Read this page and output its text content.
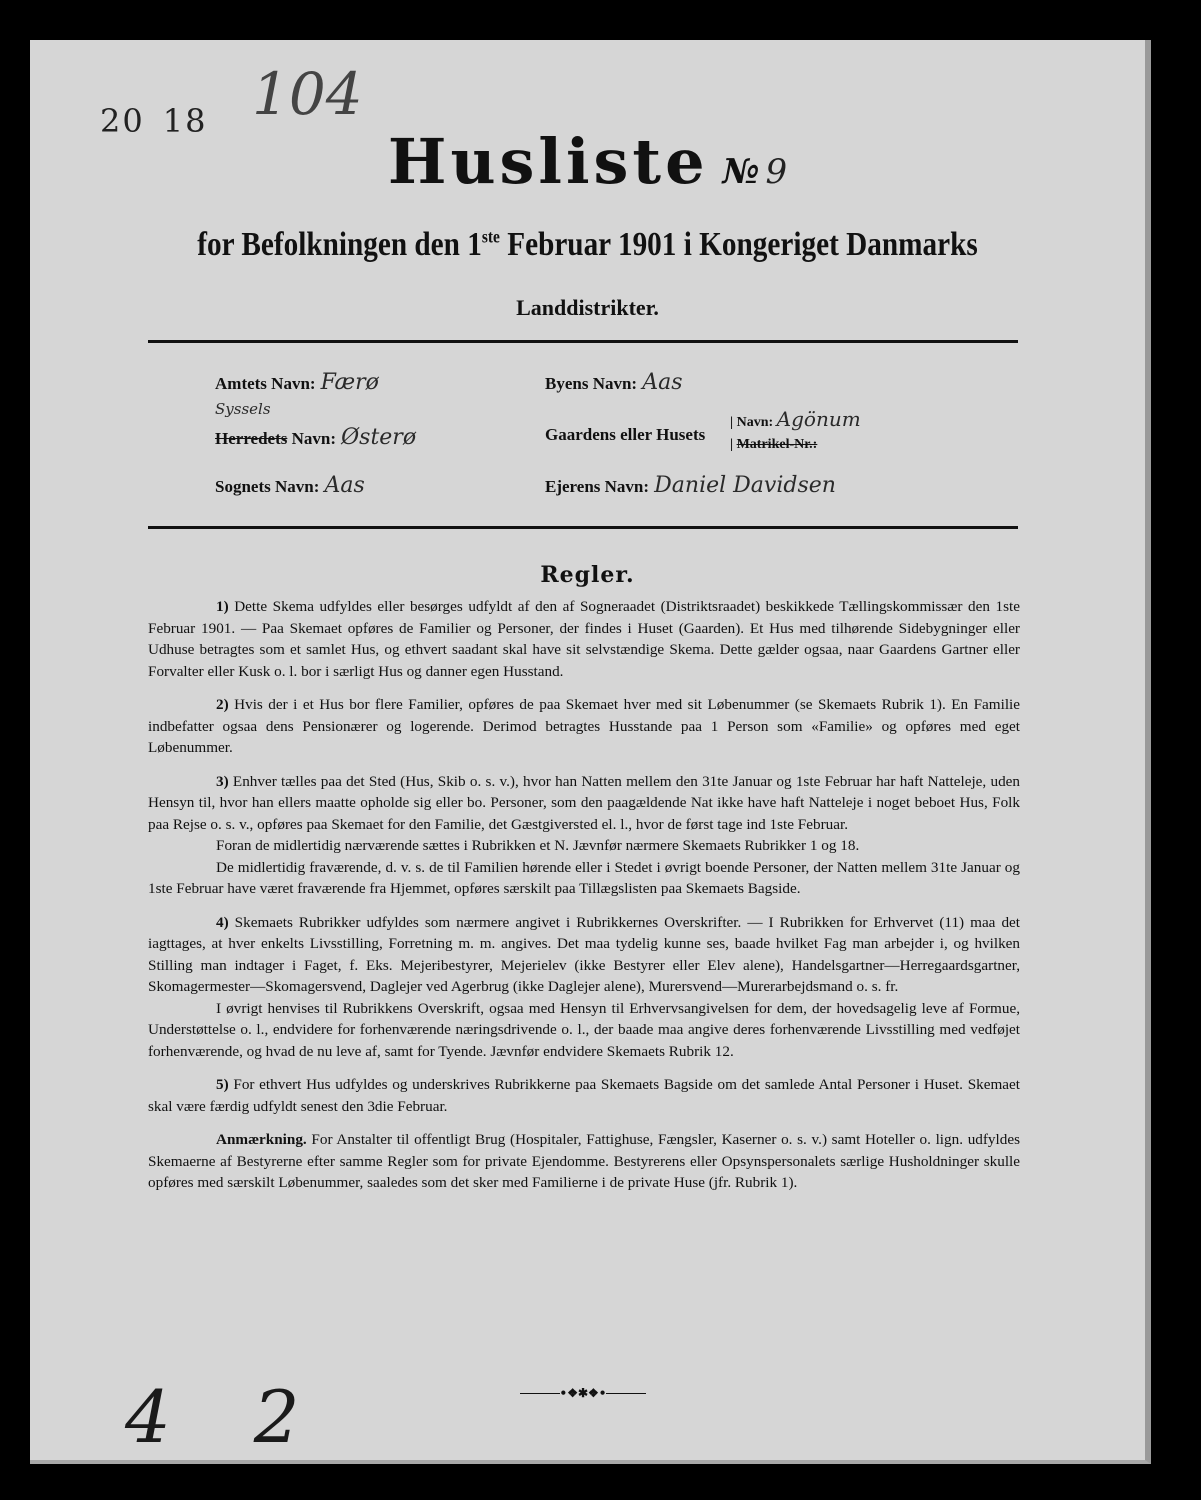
20 18 104
Husliste № 9
for Befolkningen den 1ste Februar 1901 i Kongeriget Danmarks
Landdistrikter.
Amtets Navn: Færø
Syssels
Herredets Navn: Østerø
Sognets Navn: Aas
Byens Navn: Aas
Gaardens eller Husets
| Navn: Agönum
| Matrikel-Nr.:
Ejerens Navn: Daniel Davidsen
Regler.

1) Dette Skema udfyldes eller besørges udfyldt af den af Sogneraadet (Distriktsraadet) beskikkede Tællingskommissær den 1ste Februar 1901. — Paa Skemaet opføres de Familier og Personer, der findes i Huset (Gaarden). Et Hus med tilhørende Sidebygninger eller Udhuse betragtes som et samlet Hus, og ethvert saadant skal have sit selvstændige Skema. Dette gælder ogsaa, naar Gaardens Gartner eller Forvalter eller Kusk o. l. bor i særligt Hus og danner egen Husstand.

2) Hvis der i et Hus bor flere Familier, opføres de paa Skemaet hver med sit Løbenummer (se Skemaets Rubrik 1). En Familie indbefatter ogsaa dens Pensionærer og logerende. Derimod betragtes Husstande paa 1 Person som «Familie» og opføres med eget Løbenummer.

3) Enhver tælles paa det Sted (Hus, Skib o. s. v.), hvor han Natten mellem den 31te Januar og 1ste Februar har haft Natteleje, uden Hensyn til, hvor han ellers maatte opholde sig eller bo. Personer, som den paagældende Nat ikke have haft Natteleje i noget beboet Hus, Folk paa Rejse o. s. v., opføres paa Skemaet for den Familie, det Gæstgiversted el. l., hvor de først tage ind 1ste Februar.

Foran de midlertidig nærværende sættes i Rubrikken et N. Jævnfør nærmere Skemaets Rubrikker 1 og 18.

De midlertidig fraværende, d. v. s. de til Familien hørende eller i Stedet i øvrigt boende Personer, der Natten mellem 31te Januar og 1ste Februar have været fraværende fra Hjemmet, opføres særskilt paa Tillægslisten paa Skemaets Bagside.

4) Skemaets Rubrikker udfyldes som nærmere angivet i Rubrikkernes Overskrifter. — I Rubrikken for Erhvervet (11) maa det iagttages, at hver enkelts Livsstilling, Forretning m. m. angives. Det maa tydelig kunne ses, baade hvilket Fag man arbejder i, og hvilken Stilling man indtager i Faget, f. Eks. Mejeribestyrer, Mejerielev (ikke Bestyrer eller Elev alene), Handelsgartner—Herregaardsgartner, Skomagermester—Skomagersvend, Daglejer ved Agerbrug (ikke Daglejer alene), Murersvend—Murerarbejdsmand o. s. fr.

I øvrigt henvises til Rubrikkens Overskrift, ogsaa med Hensyn til Erhvervsangivelsen for dem, der hovedsagelig leve af Formue, Understøttelse o. l., endvidere for forhenværende næringsdrivende o. l., der baade maa angive deres forhenværende Livsstilling med vedføjet forhenværende, og hvad de nu leve af, samt for Tyende. Jævnfør endvidere Skemaets Rubrik 12.

5) For ethvert Hus udfyldes og underskrives Rubrikkerne paa Skemaets Bagside om det samlede Antal Personer i Huset. Skemaet skal være færdig udfyldt senest den 3die Februar.

Anmærkning. For Anstalter til offentligt Brug (Hospitaler, Fattighuse, Fængsler, Kaserner o. s. v.) samt Hoteller o. lign. udfyldes Skemaerne af Bestyrerne efter samme Regler som for private Ejendomme. Bestyrerens eller Opsynspersonalets særlige Husholdninger skulle opføres med særskilt Løbenummer, saaledes som det sker med Familierne i de private Huse (jfr. Rubrik 1).

•❖✱❖•
4 2
